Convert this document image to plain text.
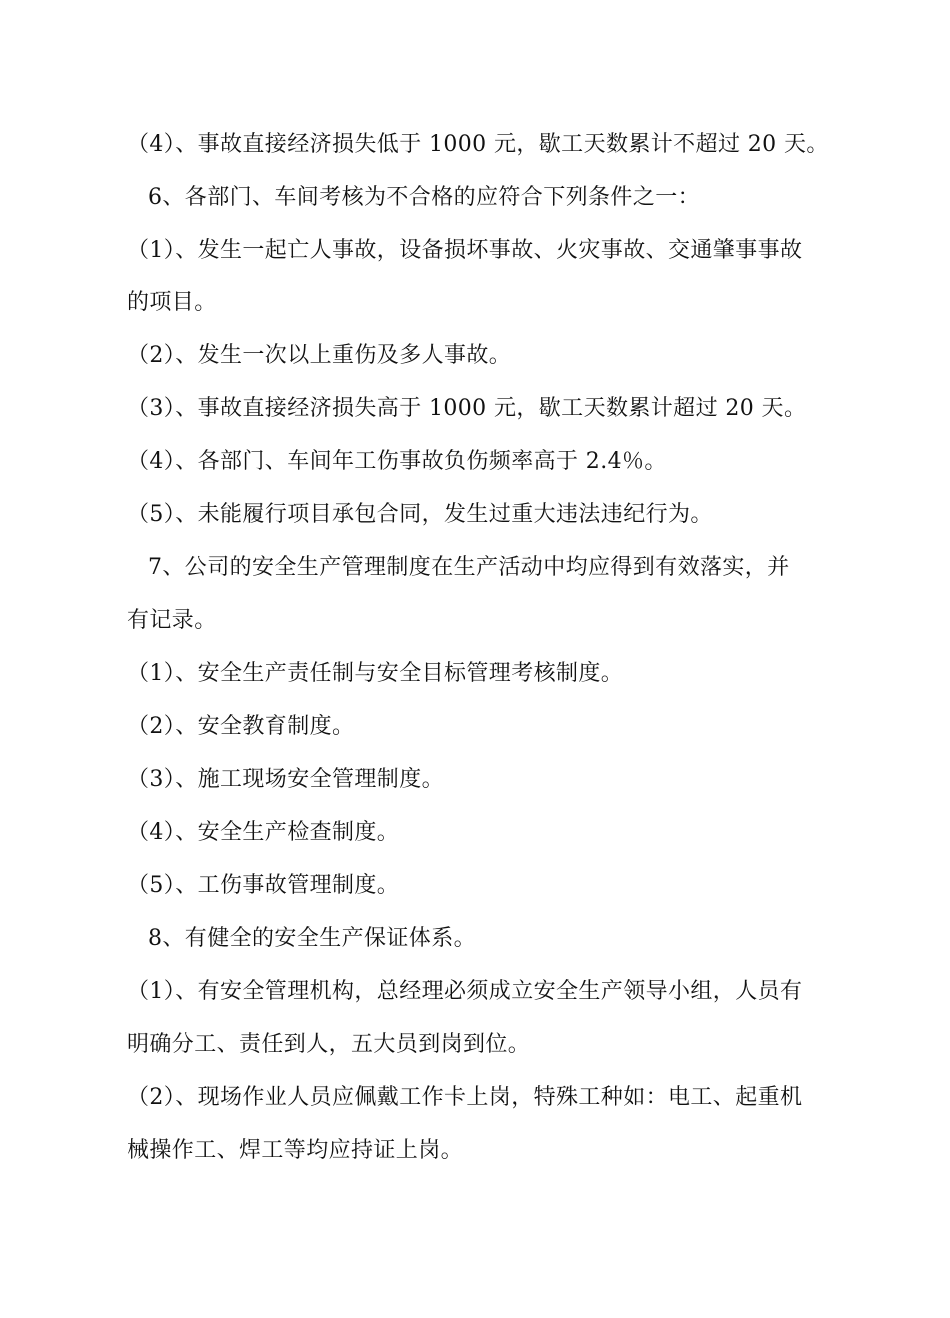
（4）、事故直接经济损失低于 1000 元，歇工天数累计不超过 20 天。
6、各部门、车间考核为不合格的应符合下列条件之一：
（1）、发生一起亡人事故，设备损坏事故、火灾事故、交通肇事事故
的项目。
（2）、发生一次以上重伤及多人事故。
（3）、事故直接经济损失高于 1000 元，歇工天数累计超过 20 天。
（4）、各部门、车间年工伤事故负伤频率高于 2.4％。
（5）、未能履行项目承包合同，发生过重大违法违纪行为。
7、公司的安全生产管理制度在生产活动中均应得到有效落实，并
有记录。
（1）、安全生产责任制与安全目标管理考核制度。
（2）、安全教育制度。
（3）、施工现场安全管理制度。
（4）、安全生产检查制度。
（5）、工伤事故管理制度。
8、有健全的安全生产保证体系。
（1）、有安全管理机构，总经理必须成立安全生产领导小组，人员有
明确分工、责任到人，五大员到岗到位。
（2）、现场作业人员应佩戴工作卡上岗，特殊工种如：电工、起重机
械操作工、焊工等均应持证上岗。
